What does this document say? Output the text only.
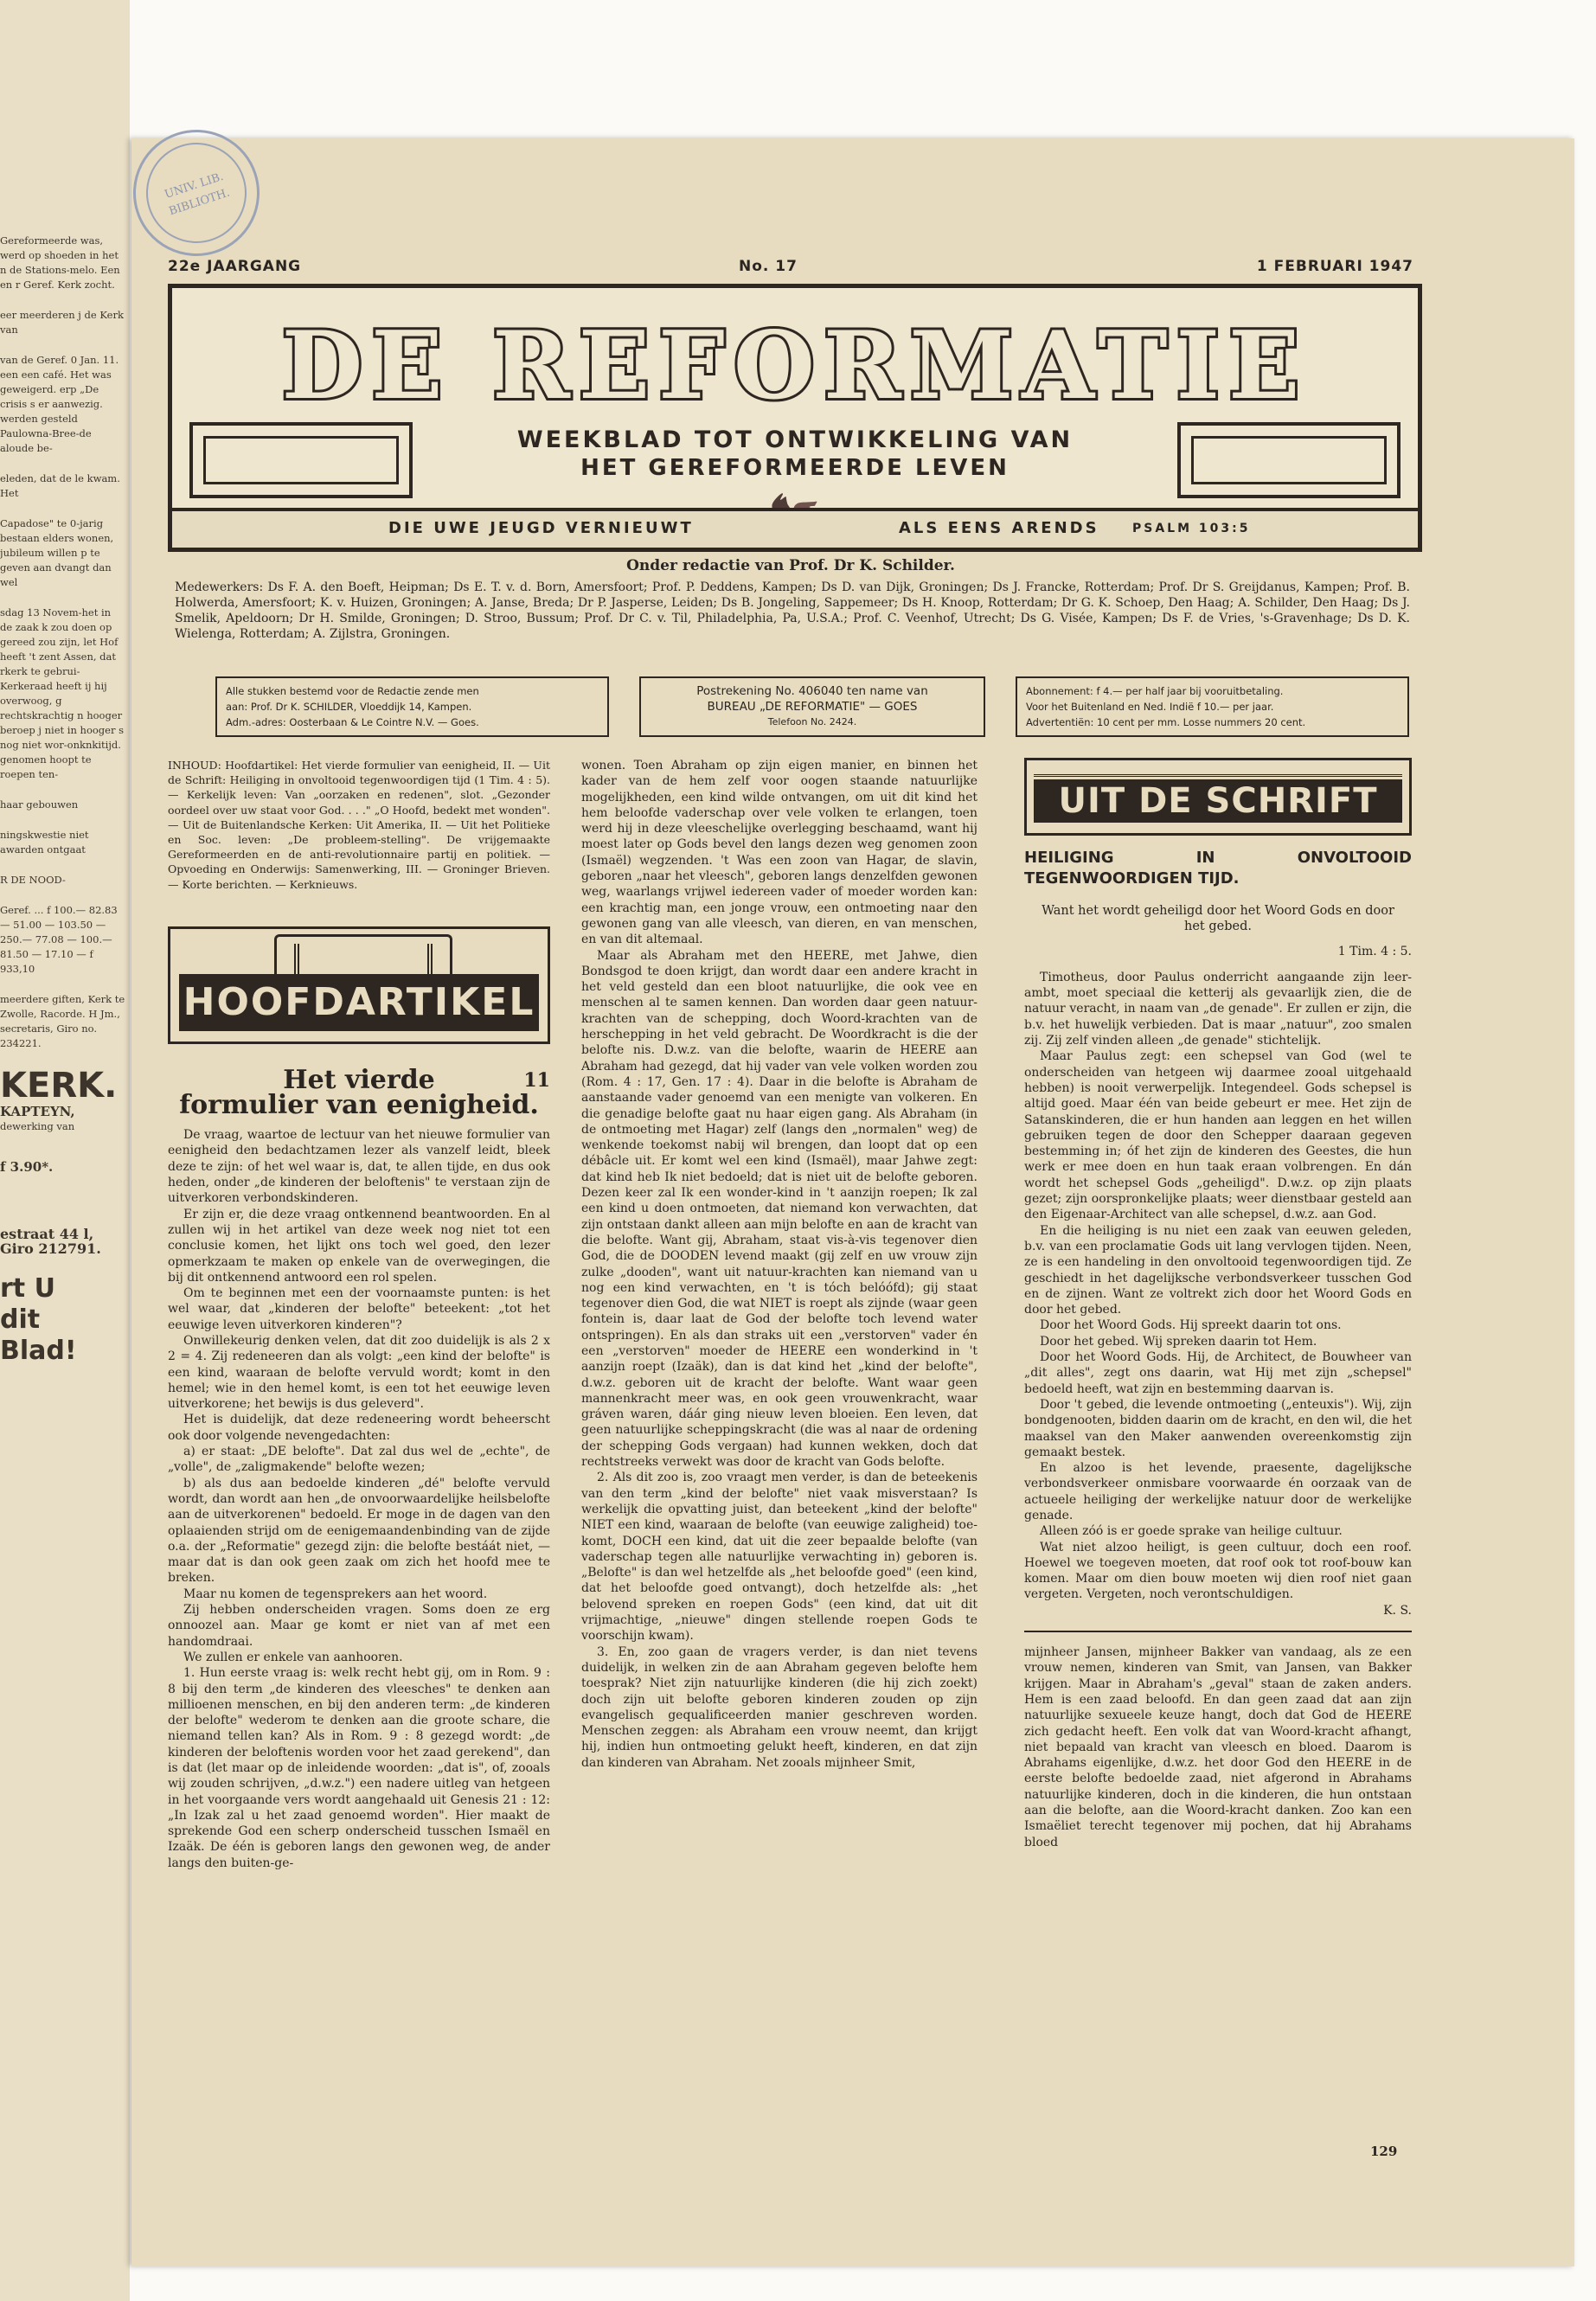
Gereformeerde was, werd op shoeden in het n de Stations-melo. Een en r Geref. Kerk zocht.
eer meerderen j de Kerk van
van de Geref. 0 Jan. 11. een een café. Het was geweigerd. erp „De crisis s er aanwezig. werden gesteld Paulowna-Bree-de aloude be-
eleden, dat de le kwam. Het
Capadose" te 0-jarig bestaan elders wonen, jubileum willen p te geven aan dvangt dan wel
sdag 13 Novem-het in de zaak k zou doen op gereed zou zijn, let Hof heeft 't zent Assen, dat rkerk te gebrui-Kerkeraad heeft ij hij overwoog, g rechtskrachtig n hooger beroep j niet in hooger s nog niet wor-onknkitijd. genomen hoopt te roepen ten-
haar gebouwen
ningskwestie niet awarden ontgaat
R DE NOOD-
Geref. ... f 100.— 82.83 — 51.00 — 103.50 — 250.— 77.08 — 100.— 81.50 — 17.10 — f 933,10
meerdere giften, Kerk te Zwolle, Racorde. H Jm., secretaris, Giro no. 234221.
KERK.
KAPTEYN,
dewerking van
f 3.90*.
estraat 44 l,
Giro 212791.
rt U
dit Blad!
UNIV. LIB. BIBLIOTH.
22e JAARGANG	No. 17	1 FEBRUARI 1947
DE REFORMATIE
WEEKBLAD TOT ONTWIKKELING VAN
HET GEREFORMEERDE LEVEN
DIE UWE JEUGD VERNIEUWT	ALS EENS ARENDS	PSALM 103:5
Onder redactie van Prof. Dr K. Schilder.
Medewerkers: Ds F. A. den Boeft, Heipman; Ds E. T. v. d. Born, Amersfoort; Prof. P. Deddens, Kampen; Ds D. van Dijk, Groningen; Ds J. Francke, Rotterdam; Prof. Dr S. Greijdanus, Kampen; Prof. B. Holwerda, Amersfoort; K. v. Huizen, Groningen; A. Janse, Breda; Dr P. Jasperse, Leiden; Ds B. Jongeling, Sappemeer; Ds H. Knoop, Rotterdam; Dr G. K. Schoep, Den Haag; A. Schilder, Den Haag; Ds J. Smelik, Apeldoorn; Dr H. Smilde, Groningen; D. Stroo, Bussum; Prof. Dr C. v. Til, Philadelphia, Pa, U.S.A.; Prof. C. Veenhof, Utrecht; Ds G. Visée, Kampen; Ds F. de Vries, 's-Gravenhage; Ds D. K. Wielenga, Rotterdam; A. Zijlstra, Groningen.
Alle stukken bestemd voor de Redactie zende men
aan: Prof. Dr K. SCHILDER, Vloeddijk 14, Kampen.
Adm.-adres: Oosterbaan & Le Cointre N.V. — Goes.
Postrekening No. 406040 ten name van
BUREAU „DE REFORMATIE" — GOES
Telefoon No. 2424.
Abonnement: f 4.— per half jaar bij vooruitbetaling.
Voor het Buitenland en Ned. Indië f 10.— per jaar.
Advertentiën: 10 cent per mm. Losse nummers 20 cent.
INHOUD: Hoofdartikel: Het vierde formulier van eenigheid, II. — Uit de Schrift: Heiliging in onvoltooid tegenwoordigen tijd (1 Tim. 4 : 5). — Kerkelijk leven: Van „oorzaken en redenen", slot. „Gezonder oordeel over uw staat voor God. . . ." „O Hoofd, bedekt met wonden". — Uit de Buitenlandsche Kerken: Uit Amerika, II. — Uit het Politieke en Soc. leven: „De probleem-stelling". De vrijgemaakte Gereformeerden en de anti-revolutionnaire partij en politiek. — Opvoeding en Onderwijs: Samenwerking, III. — Groninger Brieven. — Korte berichten. — Kerknieuws.
HOOFDARTIKEL
Het vierde	11
formulier van eenigheid.

De vraag, waartoe de lectuur van het nieuwe formulier van eenigheid den bedachtzamen lezer als vanzelf leidt, bleek deze te zijn: of het wel waar is, dat, te allen tijde, en dus ook heden, onder „de kinderen der beloftenis" te verstaan zijn de uitverkoren verbondskinderen.

Er zijn er, die deze vraag ontkennend beantwoorden. En al zullen wij in het artikel van deze week nog niet tot een conclusie komen, het lijkt ons toch wel goed, den lezer opmerkzaam te maken op enkele van de overwegingen, die bij dit ontkennend antwoord een rol spelen.

Om te beginnen met een der voornaamste punten: is het wel waar, dat „kinderen der belofte" beteekent: „tot het eeuwige leven uitverkoren kinderen"?

Onwillekeurig denken velen, dat dit zoo duidelijk is als 2 x 2 = 4. Zij redeneeren dan als volgt: „een kind der belofte" is een kind, waaraan de belofte vervuld wordt; komt in den hemel; wie in den hemel komt, is een tot het eeuwige leven uitverkorene; het bewijs is dus geleverd".

Het is duidelijk, dat deze redeneering wordt beheerscht ook door volgende nevengedachten:

a) er staat: „DE belofte". Dat zal dus wel de „echte", de „volle", de „zaligmakende" belofte wezen;

b) als dus aan bedoelde kinderen „dé" belofte vervuld wordt, dan wordt aan hen „de onvoorwaardelijke heilsbelofte aan de uitverkorenen" bedoeld. Er moge in de dagen van den oplaaienden strijd om de eenigemaandenbinding van de zijde o.a. der „Reformatie" gezegd zijn: die belofte bestáát niet, — maar dat is dan ook geen zaak om zich het hoofd mee te breken.

Maar nu komen de tegensprekers aan het woord.

Zij hebben onderscheiden vragen. Soms doen ze erg onnoozel aan. Maar ge komt er niet van af met een handomdraai.

We zullen er enkele van aanhooren.

1. Hun eerste vraag is: welk recht hebt gij, om in Rom. 9 : 8 bij den term „de kinderen des vleesches" te denken aan millioenen menschen, en bij den anderen term: „de kinderen der belofte" wederom te denken aan die groote schare, die niemand tellen kan? Als in Rom. 9 : 8 gezegd wordt: „de kinderen der beloftenis worden voor het zaad gerekend", dan is dat (let maar op de inleidende woorden: „dat is", of, zooals wij zouden schrijven, „d.w.z.") een nadere uitleg van hetgeen in het voorgaande vers wordt aangehaald uit Genesis 21 : 12: „In Izak zal u het zaad genoemd worden". Hier maakt de sprekende God een scherp onderscheid tusschen Ismaël en Izaäk. De één is geboren langs den gewonen weg, de ander langs den buiten-ge-

wonen. Toen Abraham op zijn eigen manier, en binnen het kader van de hem zelf voor oogen staande natuurlijke mogelijkheden, een kind wilde ontvangen, om uit dit kind het hem beloofde vaderschap over vele volken te erlangen, toen werd hij in deze vleeschelijke overlegging beschaamd, want hij moest later op Gods bevel den langs dezen weg genomen zoon (Ismaël) wegzenden. 't Was een zoon van Hagar, de slavin, geboren „naar het vleesch", geboren langs denzelfden gewonen weg, waarlangs vrijwel iedereen vader of moeder worden kan: een krachtig man, een jonge vrouw, een ontmoeting naar den gewonen gang van alle vleesch, van dieren, en van menschen, en van dit altemaal.

Maar als Abraham met den HEERE, met Jahwe, dien Bondsgod te doen krijgt, dan wordt daar een andere kracht in het veld gesteld dan een bloot natuurlijke, die ook vee en menschen al te samen kennen. Dan worden daar geen natuur-krachten van de schepping, doch Woord-krachten van de herschepping in het veld gebracht. De Woordkracht is die der belofte nis. D.w.z. van die belofte, waarin de HEERE aan Abraham had gezegd, dat hij vader van vele volken worden zou (Rom. 4 : 17, Gen. 17 : 4). Daar in die belofte is Abraham de aanstaande vader genoemd van een menigte van volkeren. En die genadige belofte gaat nu haar eigen gang. Als Abraham (in de ontmoeting met Hagar) zelf (langs den „normalen" weg) de wenkende toekomst nabij wil brengen, dan loopt dat op een débâcle uit. Er komt wel een kind (Ismaël), maar Jahwe zegt: dat kind heb Ik niet bedoeld; dat is niet uit de belofte geboren. Dezen keer zal Ik een wonder-kind in 't aanzijn roepen; Ik zal een kind u doen ontmoeten, dat niemand kon verwachten, dat zijn ontstaan dankt alleen aan mijn belofte en aan de kracht van die belofte. Want gij, Abraham, staat vis-à-vis tegenover dien God, die de DOODEN levend maakt (gij zelf en uw vrouw zijn zulke „dooden", want uit natuur-krachten kan niemand van u nog een kind verwachten, en 't is tóch belóófd); gij staat tegenover dien God, die wat NIET is roept als zijnde (waar geen fontein is, daar laat de God der belofte toch levend water ontspringen). En als dan straks uit een „verstorven" vader én een „verstorven" moeder de HEERE een wonderkind in 't aanzijn roept (Izaäk), dan is dat kind het „kind der belofte", d.w.z. geboren uit de kracht der belofte. Want waar geen mannenkracht meer was, en ook geen vrouwenkracht, waar gráven waren, dáár ging nieuw leven bloeien. Een leven, dat geen natuurlijke scheppingskracht (die was al naar de ordening der schepping Gods vergaan) had kunnen wekken, doch dat rechtstreeks verwekt was door de kracht van Gods belofte.

2. Als dit zoo is, zoo vraagt men verder, is dan de beteekenis van den term „kind der belofte" niet vaak misverstaan? Is werkelijk die opvatting juist, dan beteekent „kind der belofte" NIET een kind, waaraan de belofte (van eeuwige zaligheid) toe-komt, DOCH een kind, dat uit die zeer bepaalde belofte (van vaderschap tegen alle natuurlijke verwachting in) geboren is. „Belofte" is dan wel hetzelfde als „het beloofde goed" (een kind, dat het beloofde goed ontvangt), doch hetzelfde als: „het belovend spreken en roepen Gods" (een kind, dat uit dit vrijmachtige, „nieuwe" dingen stellende roepen Gods te voorschijn kwam).

3. En, zoo gaan de vragers verder, is dan niet tevens duidelijk, in welken zin de aan Abraham gegeven belofte hem toesprak? Niet zijn natuurlijke kinderen (die hij zich zoekt) doch zijn uit belofte geboren kinderen zouden op zijn evangelisch gequalificeerden manier geschreven worden. Menschen zeggen: als Abraham een vrouw neemt, dan krijgt hij, indien hun ontmoeting gelukt heeft, kinderen, en dat zijn dan kinderen van Abraham. Net zooals mijnheer Smit,

UIT DE SCHRIFT
HEILIGING IN ONVOLTOOID TEGENWOORDIGEN TIJD.
Want het wordt geheiligd door het Woord Gods en door het gebed.
1 Tim. 4 : 5.

Timotheus, door Paulus onderricht aangaande zijn leer-ambt, moet speciaal die ketterij als gevaarlijk zien, die de natuur veracht, in naam van „de genade". Er zullen er zijn, die b.v. het huwelijk verbieden. Dat is maar „natuur", zoo smalen zij. Zij zelf vinden alleen „de genade" stichtelijk.

Maar Paulus zegt: een schepsel van God (wel te onderscheiden van hetgeen wij daarmee zooal uitgehaald hebben) is nooit verwerpelijk. Integendeel. Gods schepsel is altijd goed. Maar één van beide gebeurt er mee. Het zijn de Satanskinderen, die er hun handen aan leggen en het willen gebruiken tegen de door den Schepper daaraan gegeven bestemming in; óf het zijn de kinderen des Geestes, die hun werk er mee doen en hun taak eraan volbrengen. En dán wordt het schepsel Gods „geheiligd". D.w.z. op zijn plaats gezet; zijn oorspronkelijke plaats; weer dienstbaar gesteld aan den Eigenaar-Architect van alle schepsel, d.w.z. aan God.

En die heiliging is nu niet een zaak van eeuwen geleden, b.v. van een proclamatie Gods uit lang vervlogen tijden. Neen, ze is een handeling in den onvoltooid tegenwoordigen tijd. Ze geschiedt in het dagelijksche verbondsverkeer tusschen God en de zijnen. Want ze voltrekt zich door het Woord Gods en door het gebed.

Door het Woord Gods. Hij spreekt daarin tot ons.

Door het gebed. Wij spreken daarin tot Hem.

Door het Woord Gods. Hij, de Architect, de Bouwheer van „dit alles", zegt ons daarin, wat Hij met zijn „schepsel" bedoeld heeft, wat zijn en bestemming daarvan is.

Door 't gebed, die levende ontmoeting („enteuxis"). Wij, zijn bondgenooten, bidden daarin om de kracht, en den wil, die het maaksel van den Maker aanwenden overeenkomstig zijn gemaakt bestek.

En alzoo is het levende, praesente, dagelijksche verbondsverkeer onmisbare voorwaarde én oorzaak van de actueele heiliging der werkelijke natuur door de werkelijke genade.

Alleen zóó is er goede sprake van heilige cultuur.

Wat niet alzoo heiligt, is geen cultuur, doch een roof. Hoewel we toegeven moeten, dat roof ook tot roof-bouw kan komen. Maar om dien bouw moeten wij dien roof niet gaan vergeten. Vergeten, noch verontschuldigen.

K. S.

mijnheer Jansen, mijnheer Bakker van vandaag, als ze een vrouw nemen, kinderen van Smit, van Jansen, van Bakker krijgen. Maar in Abraham's „geval" staan de zaken anders. Hem is een zaad beloofd. En dan geen zaad dat aan zijn natuurlijke sexueele keuze hangt, doch dat God de HEERE zich gedacht heeft. Een volk dat van Woord-kracht afhangt, niet bepaald van kracht van vleesch en bloed. Daarom is Abrahams eigenlijke, d.w.z. het door God den HEERE in de eerste belofte bedoelde zaad, niet afgerond in Abrahams natuurlijke kinderen, doch in die kinderen, die hun ontstaan aan die belofte, aan die Woord-kracht danken. Zoo kan een Ismaëliet terecht tegenover mij pochen, dat hij Abrahams bloed

129
